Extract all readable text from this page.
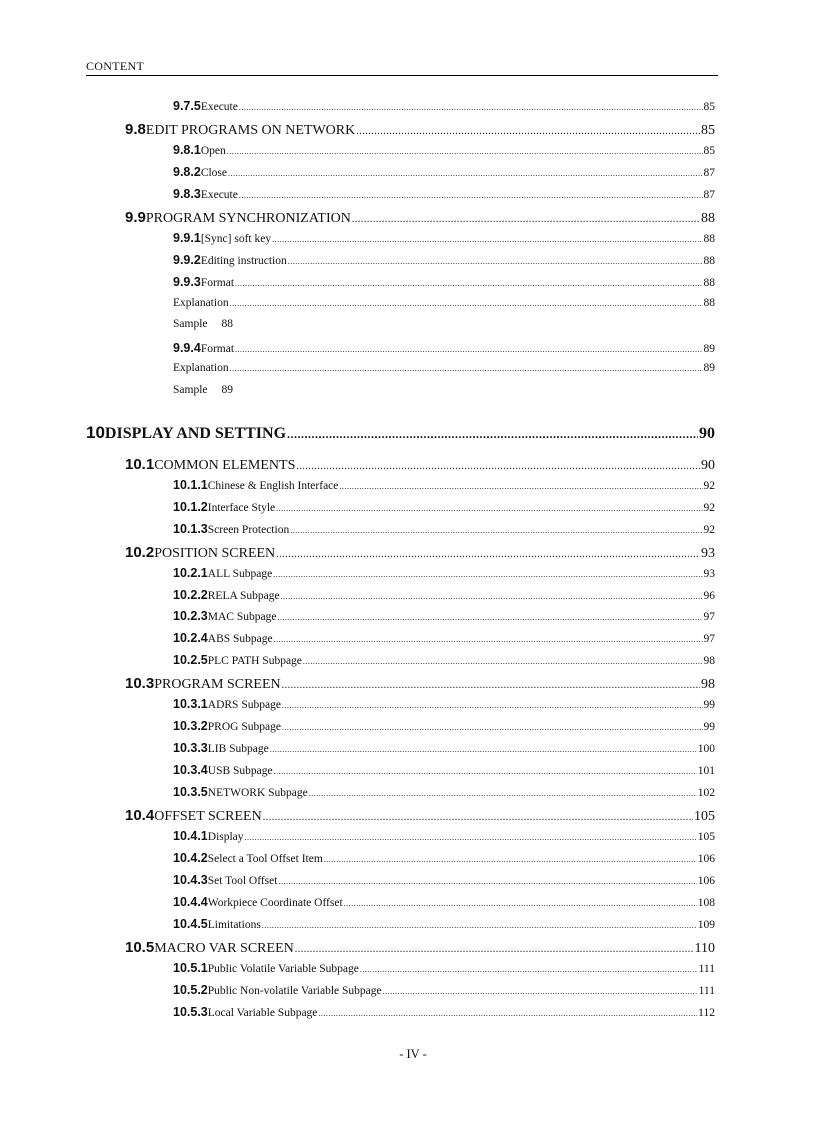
CONTENT
9.7.5 Execute .....	85
9.8 EDIT PROGRAMS ON NETWORK .....	85
9.8.1 Open .....	85
9.8.2 Close .....	87
9.8.3 Execute .....	87
9.9 PROGRAM SYNCHRONIZATION .....	88
9.9.1 [Sync] soft key .....	88
9.9.2 Editing instruction .....	88
9.9.3 Format .....	88
Explanation .....	88
Sample 88
9.9.4 Format .....	89
Explanation .....	89
Sample 89
10 DISPLAY AND SETTING .....	90
10.1 COMMON ELEMENTS .....	90
10.1.1 Chinese & English Interface .....	92
10.1.2 Interface Style .....	92
10.1.3 Screen Protection .....	92
10.2 POSITION SCREEN .....	93
10.2.1 ALL Subpage .....	93
10.2.2 RELA Subpage .....	96
10.2.3 MAC Subpage .....	97
10.2.4 ABS Subpage .....	97
10.2.5 PLC PATH Subpage .....	98
10.3 PROGRAM SCREEN .....	98
10.3.1 ADRS Subpage .....	99
10.3.2 PROG Subpage .....	99
10.3.3 LIB Subpage .....	100
10.3.4 USB Subpage .....	101
10.3.5 NETWORK Subpage .....	102
10.4 OFFSET SCREEN .....	105
10.4.1 Display .....	105
10.4.2 Select a Tool Offset Item .....	106
10.4.3 Set Tool Offset .....	106
10.4.4 Workpiece Coordinate Offset .....	108
10.4.5 Limitations .....	109
10.5 MACRO VAR SCREEN .....	110
10.5.1 Public Volatile Variable Subpage .....	111
10.5.2 Public Non-volatile Variable Subpage .....	111
10.5.3 Local Variable Subpage .....	112
- IV -
